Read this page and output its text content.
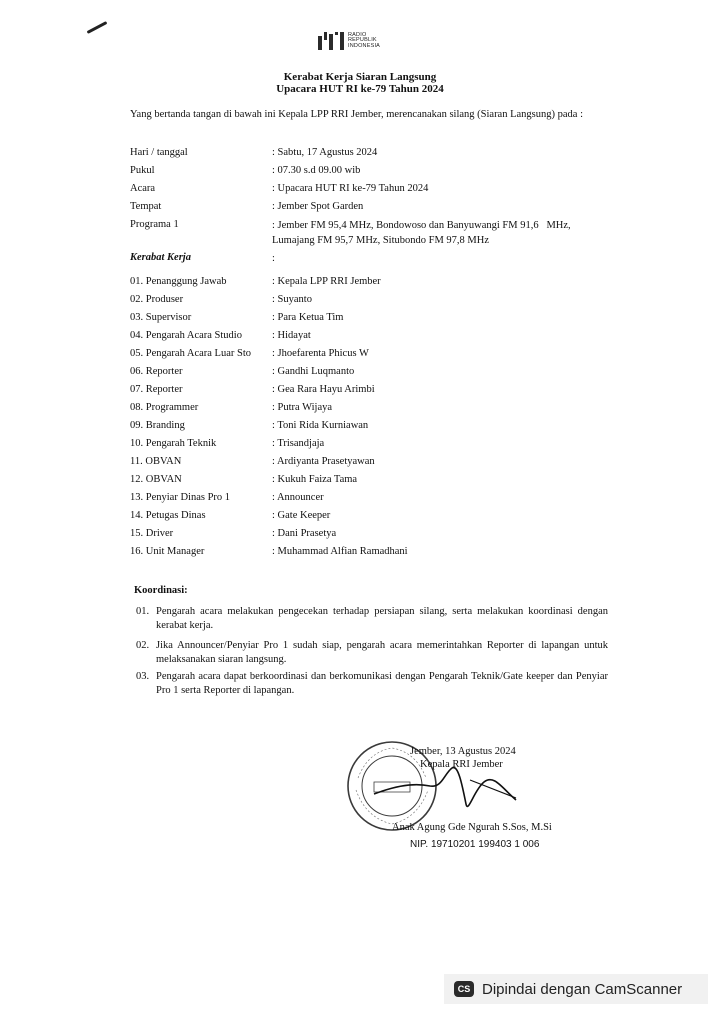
RADIO
REPUBLIK
INDONESIA
Kerabat Kerja Siaran Langsung
Upacara HUT RI ke-79 Tahun 2024
Yang bertanda tangan di bawah ini Kepala LPP RRI Jember, merencanakan silang (Siaran Langsung) pada :
Hari / tanggal	: Sabtu, 17 Agustus 2024
Pukul	: 07.30 s.d 09.00 wib
Acara	: Upacara HUT RI ke-79 Tahun 2024
Tempat	: Jember Spot Garden
Programa 1	: Jember FM 95,4 MHz, Bondowoso dan Banyuwangi FM 91,6   MHz, Lumajang FM 95,7 MHz, Situbondo FM 97,8 MHz
Kerabat Kerja	:
01. Penanggung Jawab	: Kepala LPP RRI Jember
02. Produser	: Suyanto
03. Supervisor	: Para Ketua Tim
04. Pengarah Acara Studio	: Hidayat
05. Pengarah Acara Luar Sto : Jhoefarenta Phicus W
06. Reporter	: Gandhi Luqmanto
07. Reporter	: Gea Rara Hayu Arimbi
08. Programmer	: Putra Wijaya
09. Branding	: Toni Rida Kurniawan
10. Pengarah Teknik	: Trisandjaja
11. OBVAN	: Ardiyanta Prasetyawan
12. OBVAN	: Kukuh Faiza Tama
13. Penyiar Dinas Pro 1	: Announcer
14. Petugas Dinas	: Gate Keeper
15. Driver	: Dani Prasetya
16. Unit Manager	: Muhammad Alfian Ramadhani
Koordinasi:
01. Pengarah acara melakukan pengecekan terhadap persiapan silang, serta melakukan koordinasi dengan kerabat kerja.
02. Jika Announcer/Penyiar Pro 1 sudah siap, pengarah acara memerintahkan Reporter di lapangan untuk melaksanakan siaran langsung.
03. Pengarah acara dapat berkoordinasi dan berkomunikasi dengan Pengarah Teknik/Gate keeper dan Penyiar Pro 1 serta Reporter di lapangan.
Jember, 13 Agustus 2024
Kepala RRI Jember
Anak Agung Gde Ngurah S.Sos, M.Si
NIP. 19710201 199403 1 006
CS Dipindai dengan CamScanner
